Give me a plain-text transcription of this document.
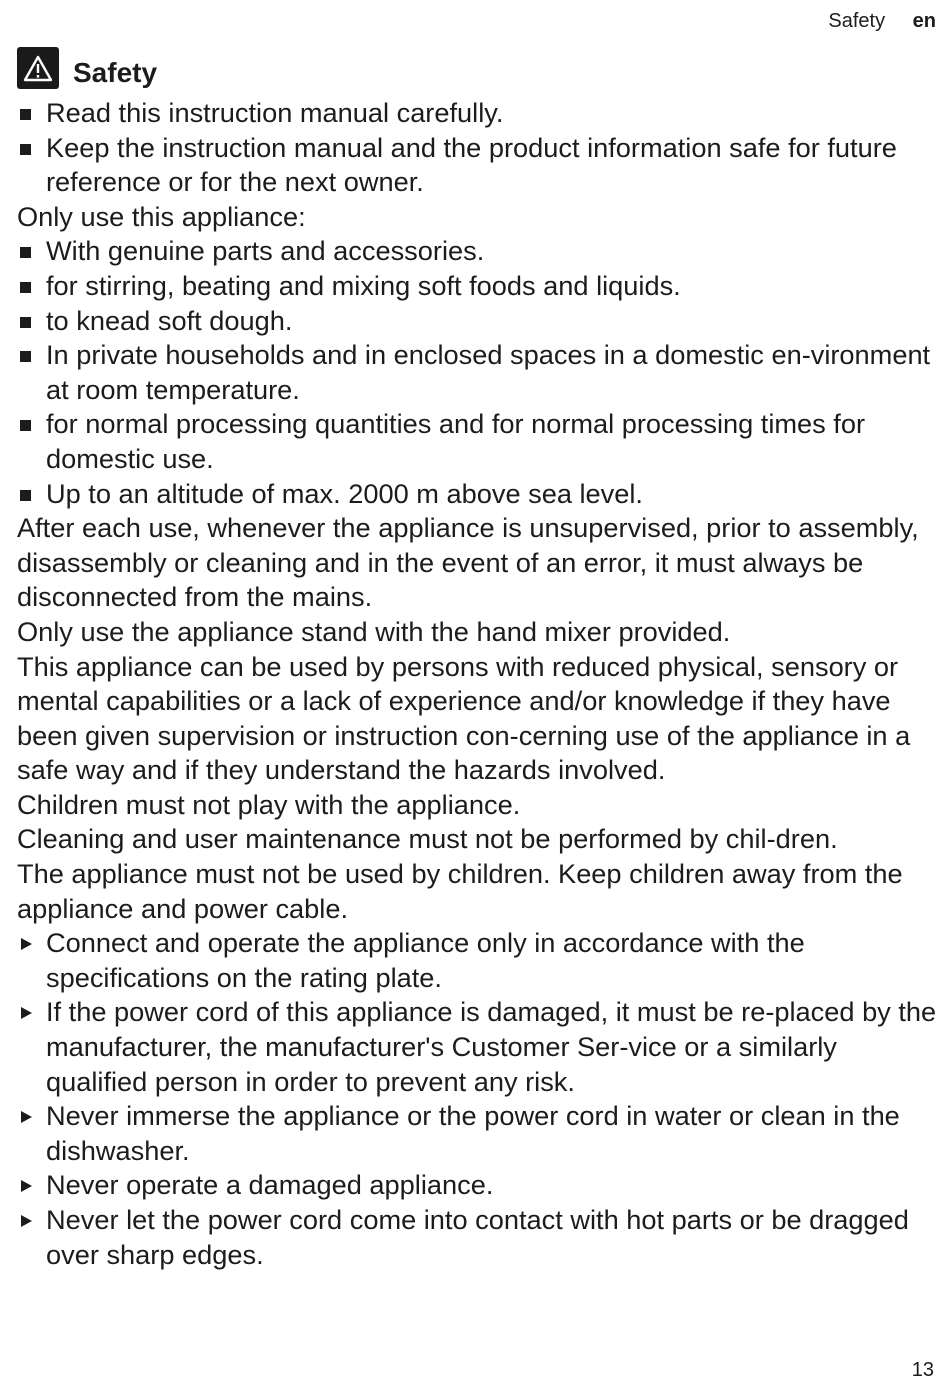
Safety en
Safety
Read this instruction manual carefully.
Keep the instruction manual and the product information safe for future reference or for the next owner.

Only use this appliance:

With genuine parts and accessories.
for stirring, beating and mixing soft foods and liquids.
to knead soft dough.
In private households and in enclosed spaces in a domestic en-vironment at room temperature.
for normal processing quantities and for normal processing times for domestic use.
Up to an altitude of max. 2000 m above sea level.

After each use, whenever the appliance is unsupervised, prior to assembly, disassembly or cleaning and in the event of an error, it must always be disconnected from the mains.

Only use the appliance stand with the hand mixer provided.

This appliance can be used by persons with reduced physical, sensory or mental capabilities or a lack of experience and/or knowledge if they have been given supervision or instruction con-cerning use of the appliance in a safe way and if they understand the hazards involved.

Children must not play with the appliance.

Cleaning and user maintenance must not be performed by chil-dren.

The appliance must not be used by children. Keep children away from the appliance and power cable.

Connect and operate the appliance only in accordance with the specifications on the rating plate.
If the power cord of this appliance is damaged, it must be re-placed by the manufacturer, the manufacturer's Customer Ser-vice or a similarly qualified person in order to prevent any risk.
Never immerse the appliance or the power cord in water or clean in the dishwasher.
Never operate a damaged appliance.
Never let the power cord come into contact with hot parts or be dragged over sharp edges.
13
